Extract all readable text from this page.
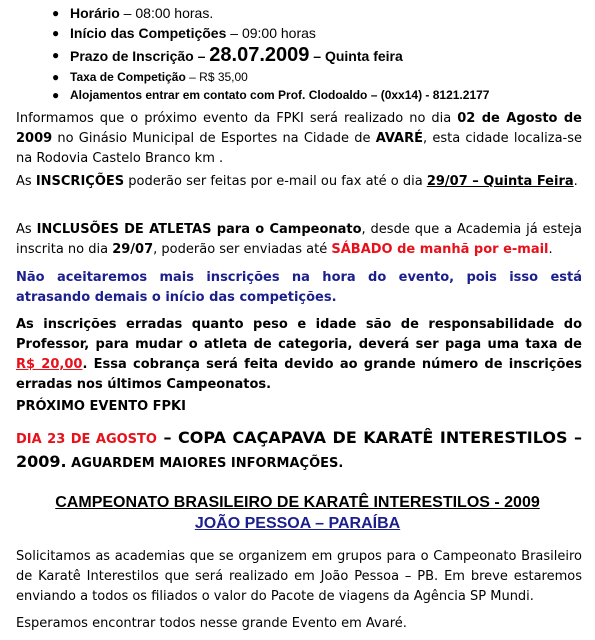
● Horário – 08:00 horas.
● Início das Competições – 09:00 horas
● Prazo de Inscrição – 28.07.2009 – Quinta feira
● Taxa de Competição – R$ 35,00
● Alojamentos entrar em contato com Prof. Clodoaldo – (0xx14) - 8121.2177

Informamos que o próximo evento da FPKI será realizado no dia 02 de Agosto de 2009 no Ginásio Municipal de Esportes na Cidade de AVARÉ, esta cidade localiza-se na Rodovia Castelo Branco km .

As INSCRIÇÕES poderão ser feitas por e-mail ou fax até o dia 29/07 – Quinta Feira.

As INCLUSÕES DE ATLETAS para o Campeonato, desde que a Academia já esteja inscrita no dia 29/07, poderão ser enviadas até SÁBADO de manhã por e-mail.

Não aceitaremos mais inscrições na hora do evento, pois isso está atrasando demais o início das competições.

As inscrições erradas quanto peso e idade são de responsabilidade do Professor, para mudar o atleta de categoria, deverá ser paga uma taxa de R$ 20,00. Essa cobrança será feita devido ao grande número de inscrições erradas nos últimos Campeonatos.

PRÓXIMO EVENTO FPKI

DIA 23 DE AGOSTO – COPA CAÇAPAVA DE KARATÊ INTERESTILOS – 2009. AGUARDEM MAIORES INFORMAÇÕES.

CAMPEONATO BRASILEIRO DE KARATÊ INTERESTILOS - 2009
JOÃO PESSOA – PARAÍBA

Solicitamos as academias que se organizem em grupos para o Campeonato Brasileiro de Karatê Interestilos que será realizado em João Pessoa – PB. Em breve estaremos enviando a todos os filiados o valor do Pacote de viagens da Agência SP Mundi.

Esperamos encontrar todos nesse grande Evento em Avaré.
